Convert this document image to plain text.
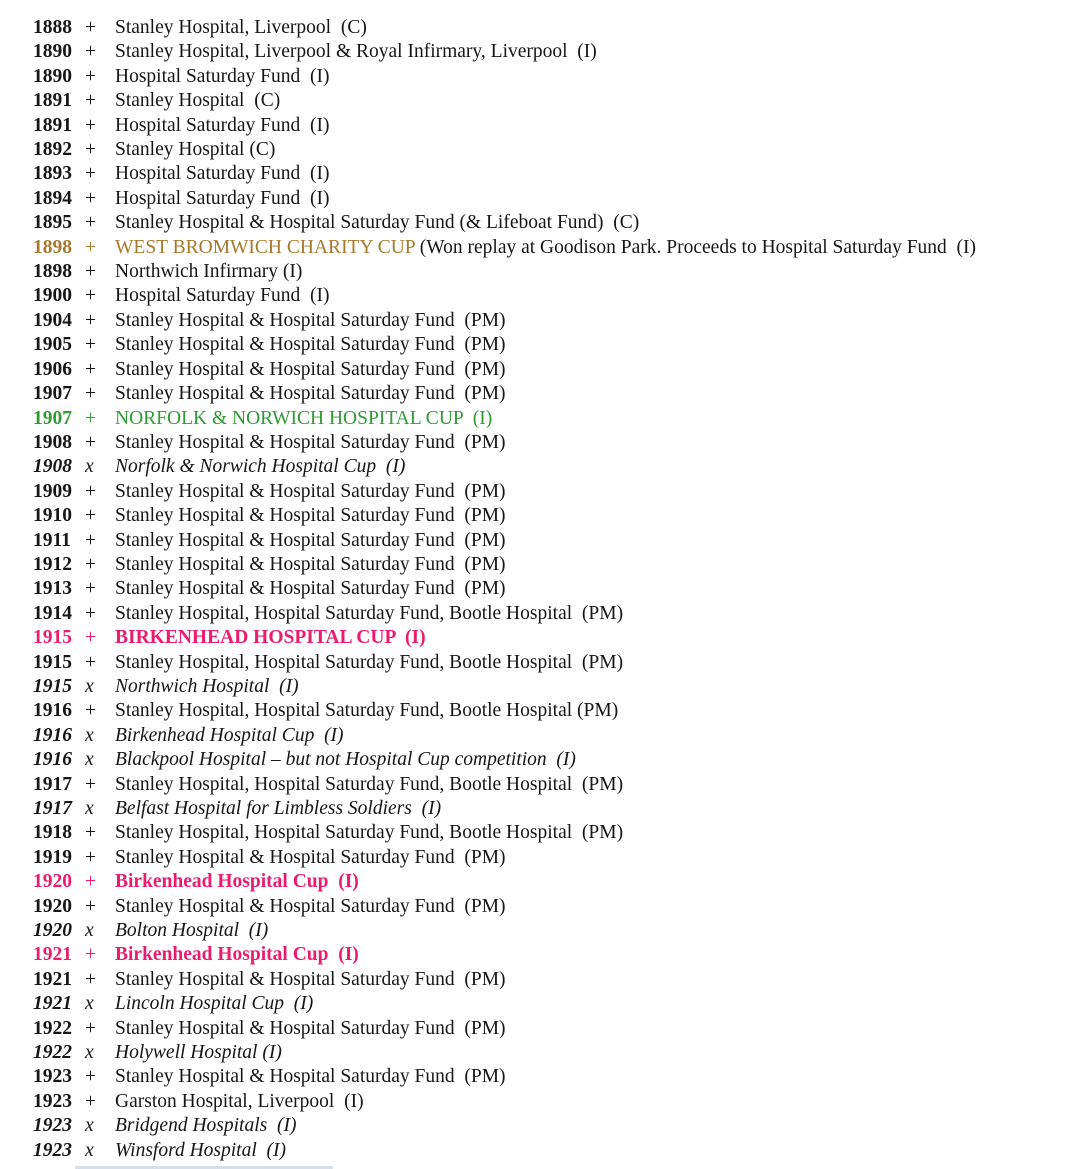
1888 + Stanley Hospital, Liverpool  (C)
1890 + Stanley Hospital, Liverpool & Royal Infirmary, Liverpool  (I)
1890 + Hospital Saturday Fund  (I)
1891 + Stanley Hospital  (C)
1891 + Hospital Saturday Fund  (I)
1892 + Stanley Hospital (C)
1893 + Hospital Saturday Fund  (I)
1894 + Hospital Saturday Fund  (I)
1895 + Stanley Hospital & Hospital Saturday Fund (& Lifeboat Fund)  (C)
1898 + WEST BROMWICH CHARITY CUP (Won replay at Goodison Park. Proceeds to Hospital Saturday Fund  (I)
1898 + Northwich Infirmary (I)
1900 + Hospital Saturday Fund  (I)
1904 + Stanley Hospital & Hospital Saturday Fund  (PM)
1905 + Stanley Hospital & Hospital Saturday Fund  (PM)
1906 + Stanley Hospital & Hospital Saturday Fund  (PM)
1907 + Stanley Hospital & Hospital Saturday Fund  (PM)
1907 + NORFOLK & NORWICH HOSPITAL CUP  (I)
1908 + Stanley Hospital & Hospital Saturday Fund  (PM)
1908 x Norfolk & Norwich Hospital Cup  (I)
1909 + Stanley Hospital & Hospital Saturday Fund  (PM)
1910 + Stanley Hospital & Hospital Saturday Fund  (PM)
1911 + Stanley Hospital & Hospital Saturday Fund  (PM)
1912 + Stanley Hospital & Hospital Saturday Fund  (PM)
1913 + Stanley Hospital & Hospital Saturday Fund  (PM)
1914 + Stanley Hospital, Hospital Saturday Fund, Bootle Hospital  (PM)
1915 + BIRKENHEAD HOSPITAL CUP  (I)
1915 + Stanley Hospital, Hospital Saturday Fund, Bootle Hospital  (PM)
1915 x Northwich Hospital  (I)
1916 + Stanley Hospital, Hospital Saturday Fund, Bootle Hospital (PM)
1916 x Birkenhead Hospital Cup  (I)
1916 x Blackpool Hospital – but not Hospital Cup competition  (I)
1917 + Stanley Hospital, Hospital Saturday Fund, Bootle Hospital  (PM)
1917 x Belfast Hospital for Limbless Soldiers  (I)
1918 + Stanley Hospital, Hospital Saturday Fund, Bootle Hospital  (PM)
1919 + Stanley Hospital & Hospital Saturday Fund  (PM)
1920 + Birkenhead Hospital Cup  (I)
1920 + Stanley Hospital & Hospital Saturday Fund  (PM)
1920 x Bolton Hospital  (I)
1921 + Birkenhead Hospital Cup  (I)
1921 + Stanley Hospital & Hospital Saturday Fund  (PM)
1921 x Lincoln Hospital Cup  (I)
1922 + Stanley Hospital & Hospital Saturday Fund  (PM)
1922 x Holywell Hospital (I)
1923 + Stanley Hospital & Hospital Saturday Fund  (PM)
1923 + Garston Hospital, Liverpool  (I)
1923 x Bridgend Hospitals  (I)
1923 x Winsford Hospital  (I)
